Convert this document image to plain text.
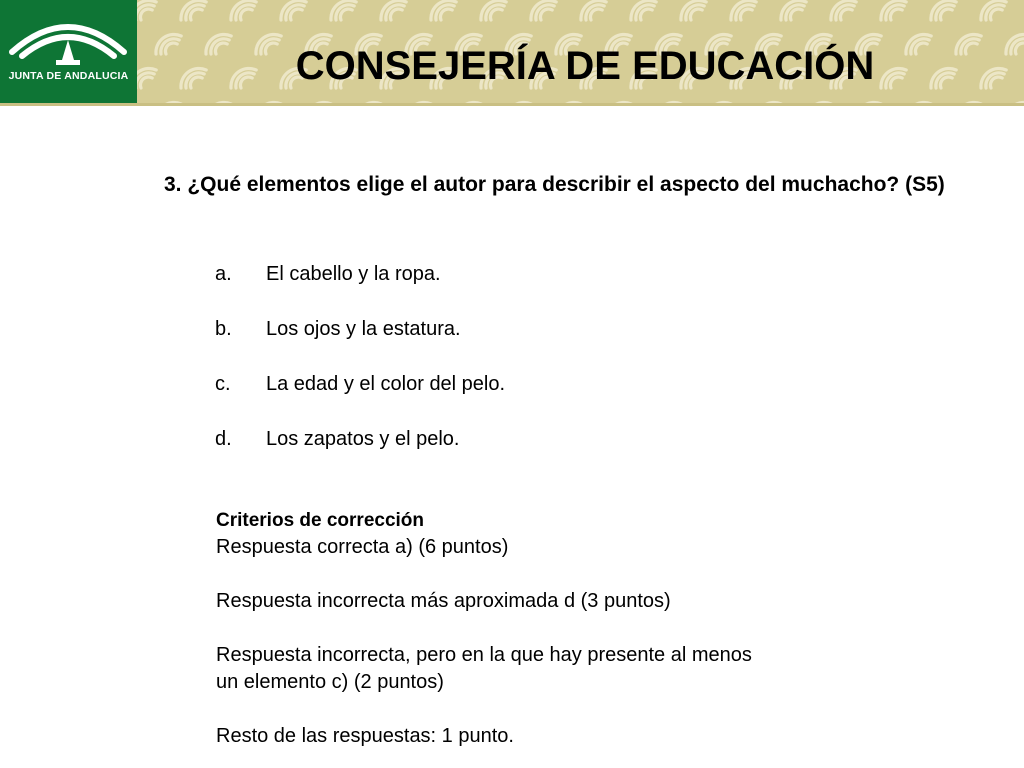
JUNTA DE ANDALUCIA	CONSEJERÍA DE EDUCACIÓN
3. ¿Qué elementos elige el autor para describir el aspecto del muchacho? (S5)
a. El cabello y la ropa.
b. Los ojos y la estatura.
c. La edad y el color del pelo.
d. Los zapatos y el pelo.

Criterios de corrección

Respuesta correcta a) (6 puntos)

Respuesta incorrecta más aproximada d (3 puntos)

Respuesta incorrecta, pero en la que hay presente al menos

un elemento c) (2 puntos)

Resto de las respuestas: 1 punto.
